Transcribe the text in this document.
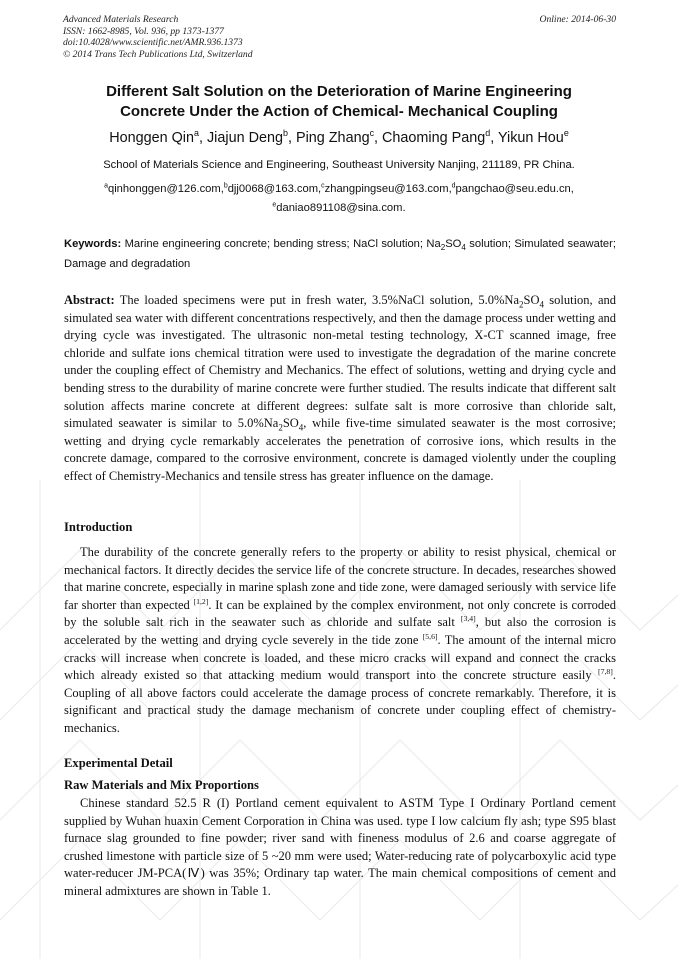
Advanced Materials Research
ISSN: 1662-8985, Vol. 936, pp 1373-1377
doi:10.4028/www.scientific.net/AMR.936.1373
© 2014 Trans Tech Publications Ltd, Switzerland
Online: 2014-06-30
Different Salt Solution on the Deterioration of Marine Engineering
Concrete Under the Action of Chemical- Mechanical Coupling
Honggen Qin$^a$, Jiajun Deng$^b$, Ping Zhang$^c$, Chaoming Pang$^d$, Yikun Hou$^e$
School of Materials Science and Engineering, Southeast University Nanjing, 211189, PR China.
$^a$qinhonggen@126.com,$^b$djj0068@163.com,$^c$zhangpingseu@163.com,$^d$pangchao@seu.edu.cn,
$^e$daniao891108@sina.com.
Keywords: Marine engineering concrete; bending stress; NaCl solution; $Na_2SO_4$ solution; Simulated seawater; Damage and degradation
Abstract: The loaded specimens were put in fresh water, 3.5%NaCl solution, $5.0\%Na_2SO_4$ solution, and simulated sea water with different concentrations respectively, and then the damage process under wetting and drying cycle was investigated. The ultrasonic non-metal testing technology, X-CT scanned image, free chloride and sulfate ions chemical titration were used to investigate the degradation of the marine concrete under the coupling effect of Chemistry and Mechanics. The effect of solutions, wetting and drying cycle and bending stress to the durability of marine concrete were further studied. The results indicate that different salt solution affects marine concrete at different degrees: sulfate salt is more corrosive than chloride salt, simulated seawater is similar to $5.0\%Na_2SO_4$, while five-time simulated seawater is the most corrosive; wetting and drying cycle remarkably accelerates the penetration of corrosive ions, which results in the concrete damage, compared to the corrosive environment, concrete is damaged violently under the coupling effect of Chemistry-Mechanics and tensile stress has greater influence on the damage.
Introduction
The durability of the concrete generally refers to the property or ability to resist physical, chemical or mechanical factors. It directly decides the service life of the concrete structure. In decades, researches showed that marine concrete, especially in marine splash zone and tide zone, were damaged seriously with service life far shorter than expected [1,2]. It can be explained by the complex environment, not only concrete is corroded by the soluble salt rich in the seawater such as chloride and sulfate salt [3,4], but also the corrosion is accelerated by the wetting and drying cycle severely in the tide zone [5,6]. The amount of the internal micro cracks will increase when concrete is loaded, and these micro cracks will expand and connect the cracks which already existed so that attacking medium would transport into the concrete structure easily [7,8]. Coupling of all above factors could accelerate the damage process of concrete remarkably. Therefore, it is significant and practical study the damage mechanism of concrete under coupling effect of chemistry-mechanics.
Experimental Detail
Raw Materials and Mix Proportions
Chinese standard 52.5 R (I) Portland cement equivalent to ASTM Type I Ordinary Portland cement supplied by Wuhan huaxin Cement Corporation in China was used. type I low calcium fly ash; type S95 blast furnace slag grounded to fine powder; river sand with fineness modulus of 2.6 and coarse aggregate of crushed limestone with particle size of 5 ~20 mm were used; Water-reducing rate of polycarboxylic acid type water-reducer JM-PCA(Ⅳ) was 35%; Ordinary tap water. The main chemical compositions of cement and mineral admixtures are shown in Table 1.
